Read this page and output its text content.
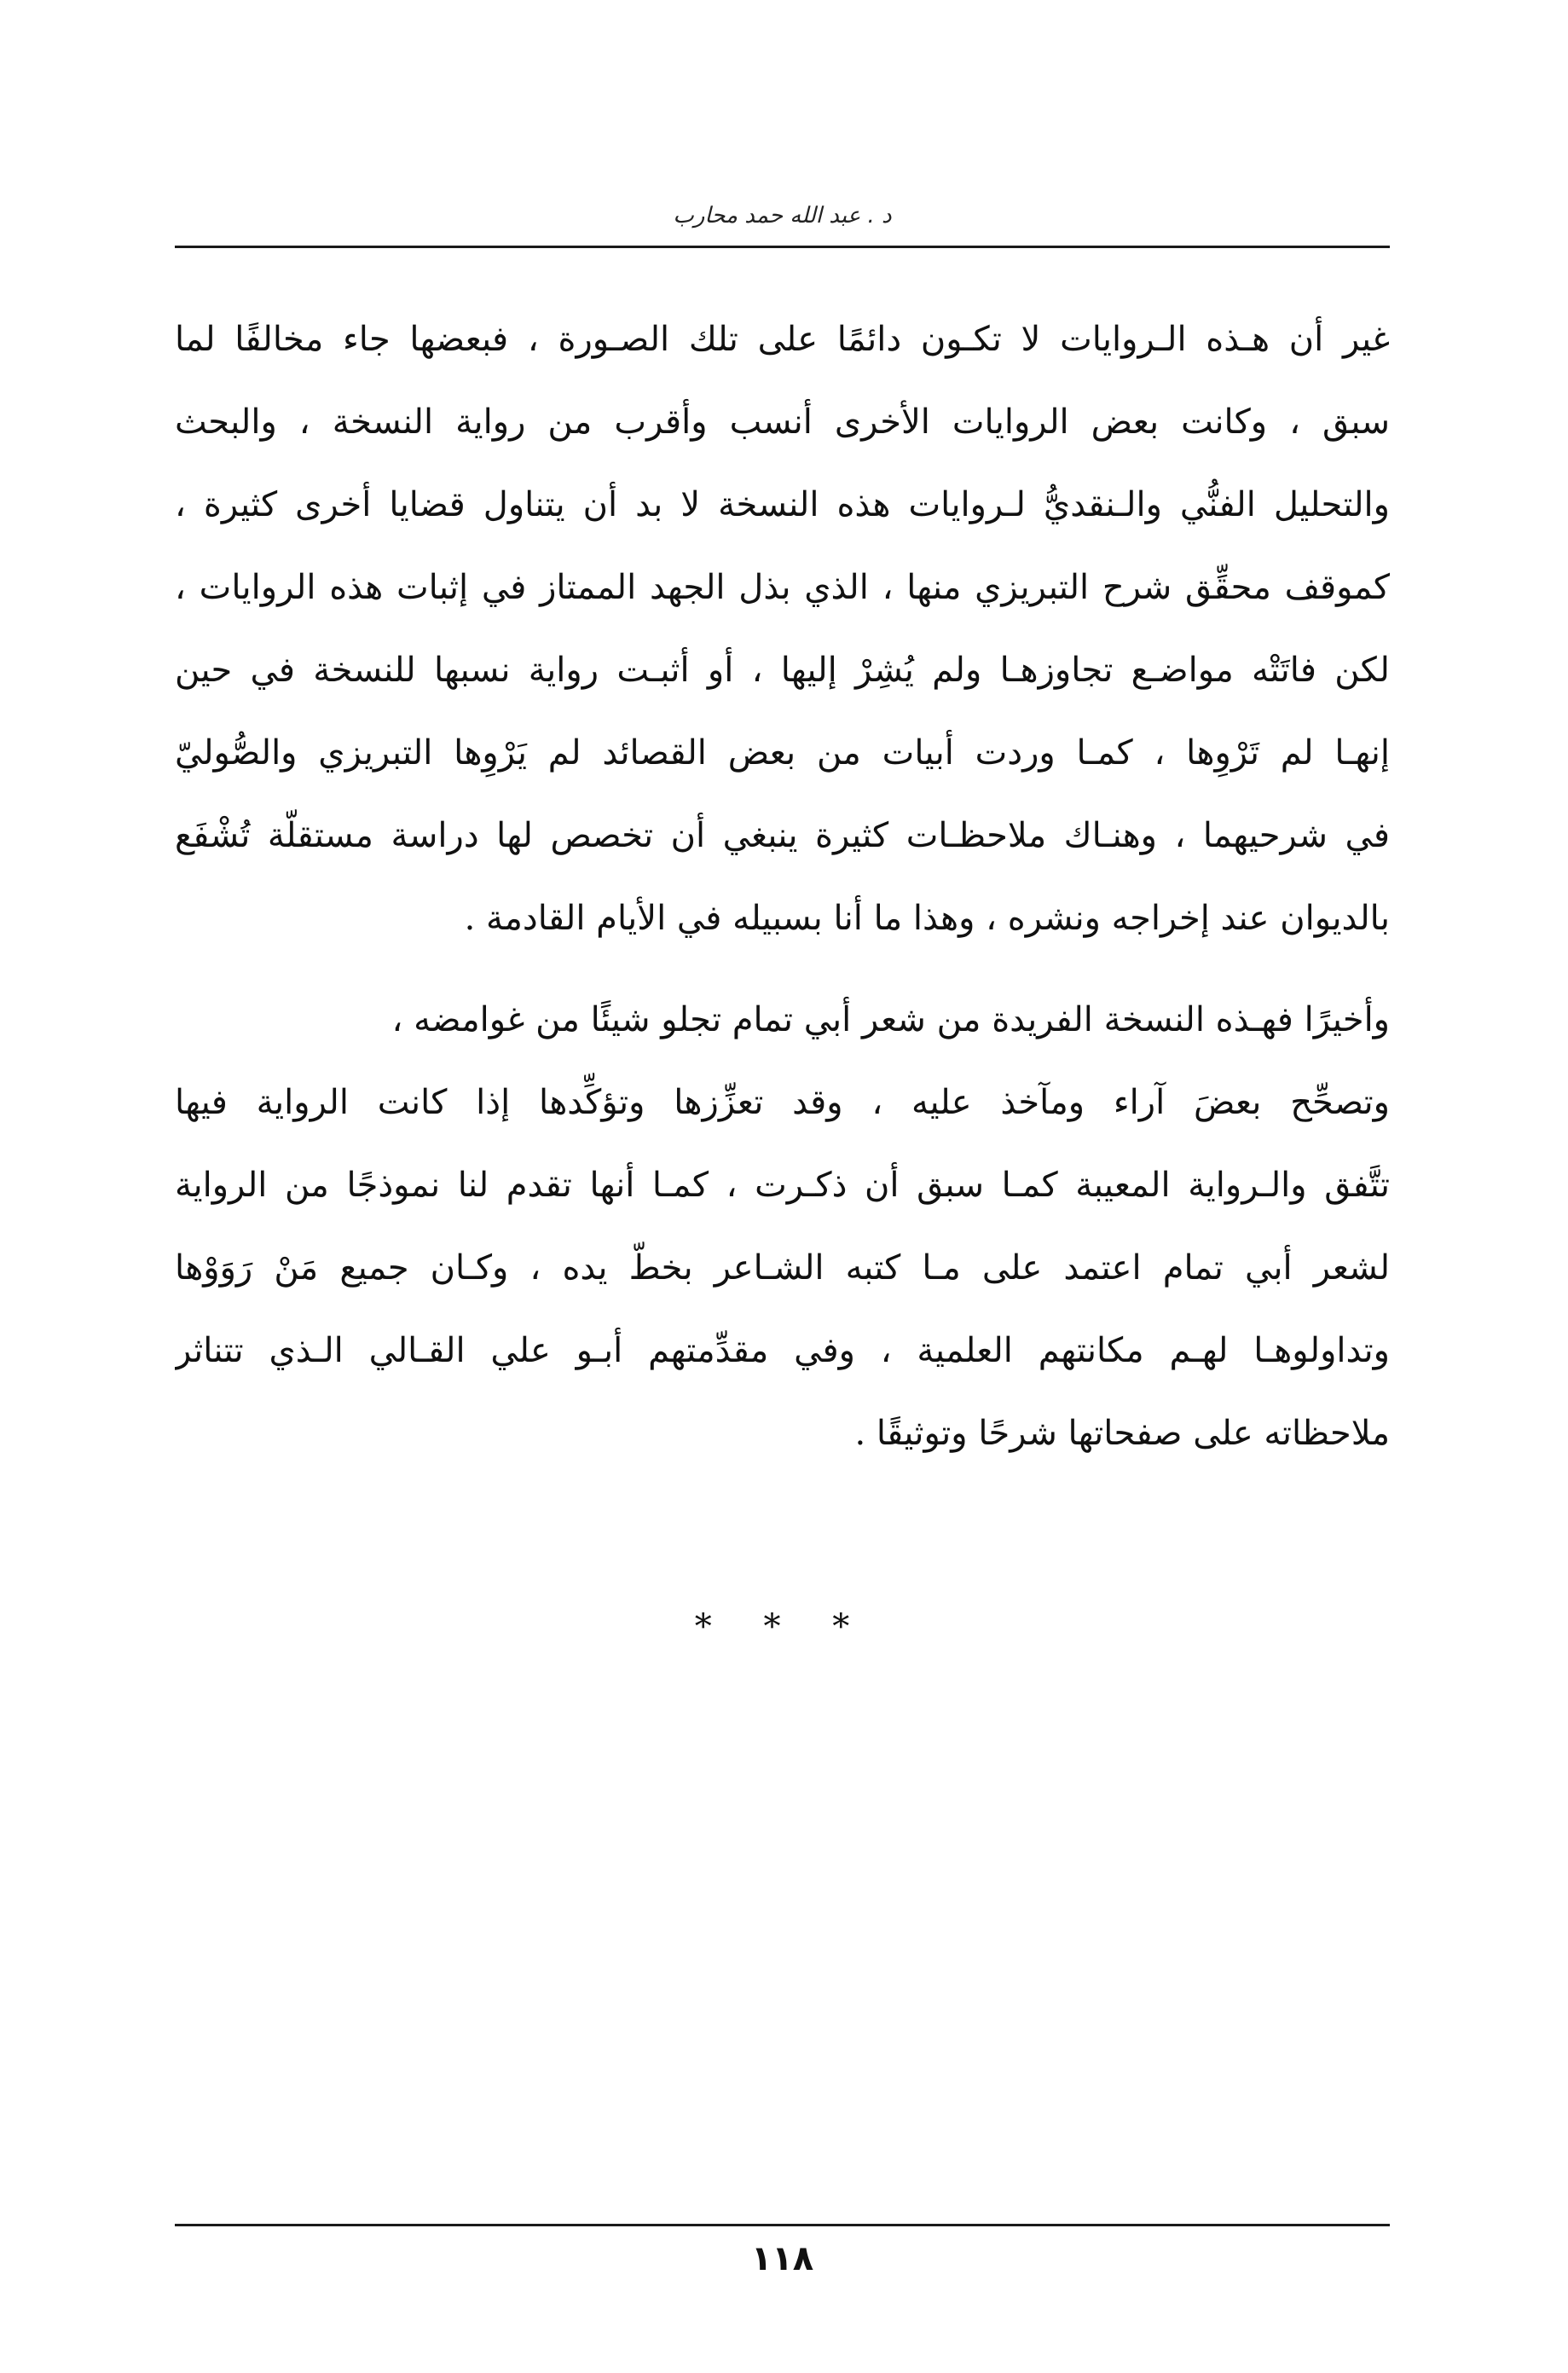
د . عبد الله حمد محارب
غير أن هـذه الـروايات لا تكـون دائمًا على تلك الصـورة ، فبعضها جاء مخالفًا لما
سبق ، وكانت بعض الروايات الأخرى أنسب وأقرب من رواية النسخة ، والبحث
والتحليل الفنُّي والـنقديُّ لـروايات هذه النسخة لا بد أن يتناول قضايا أخرى كثيرة ،
كموقف محقِّق شرح التبريزي منها ، الذي بذل الجهد الممتاز في إثبات هذه الروايات ،
لكن فاتَتْه مواضـع تجاوزهـا ولم يُشِرْ إليها ، أو أثبـت رواية نسبها للنسخة في حين
إنهـا لم تَرْوِها ، كمـا وردت أبيات من بعض القصائد لم يَرْوِها التبريزي والصُّوليّ
في شرحيهما ، وهنـاك ملاحظـات كثيرة ينبغي أن تخصص لها دراسة مستقلّة تُشْفَع
بالديوان عند إخراجه ونشره ، وهذا ما أنا بسبيله في الأيام القادمة .
وأخيرًا فهـذه النسخة الفريدة من شعر أبي تمام تجلو شيئًا من غوامضه ،
وتصحِّح بعضَ آراء ومآخذ عليه ، وقد تعزِّزها وتؤكِّدها إذا كانت الرواية فيها
تتَّفق والـرواية المعيبة كمـا سبق أن ذكـرت ، كمـا أنها تقدم لنا نموذجًا من الرواية
لشعر أبي تمام اعتمد على مـا كتبه الشـاعر بخطّ يده ، وكـان جميع مَنْ رَوَوْها
وتداولوهـا لهـم مكانتهم العلمية ، وفي مقدِّمتهم أبـو علي القـالي الـذي تتناثر
ملاحظاته على صفحاتها شرحًا وتوثيقًا .
* * *
١١٨
